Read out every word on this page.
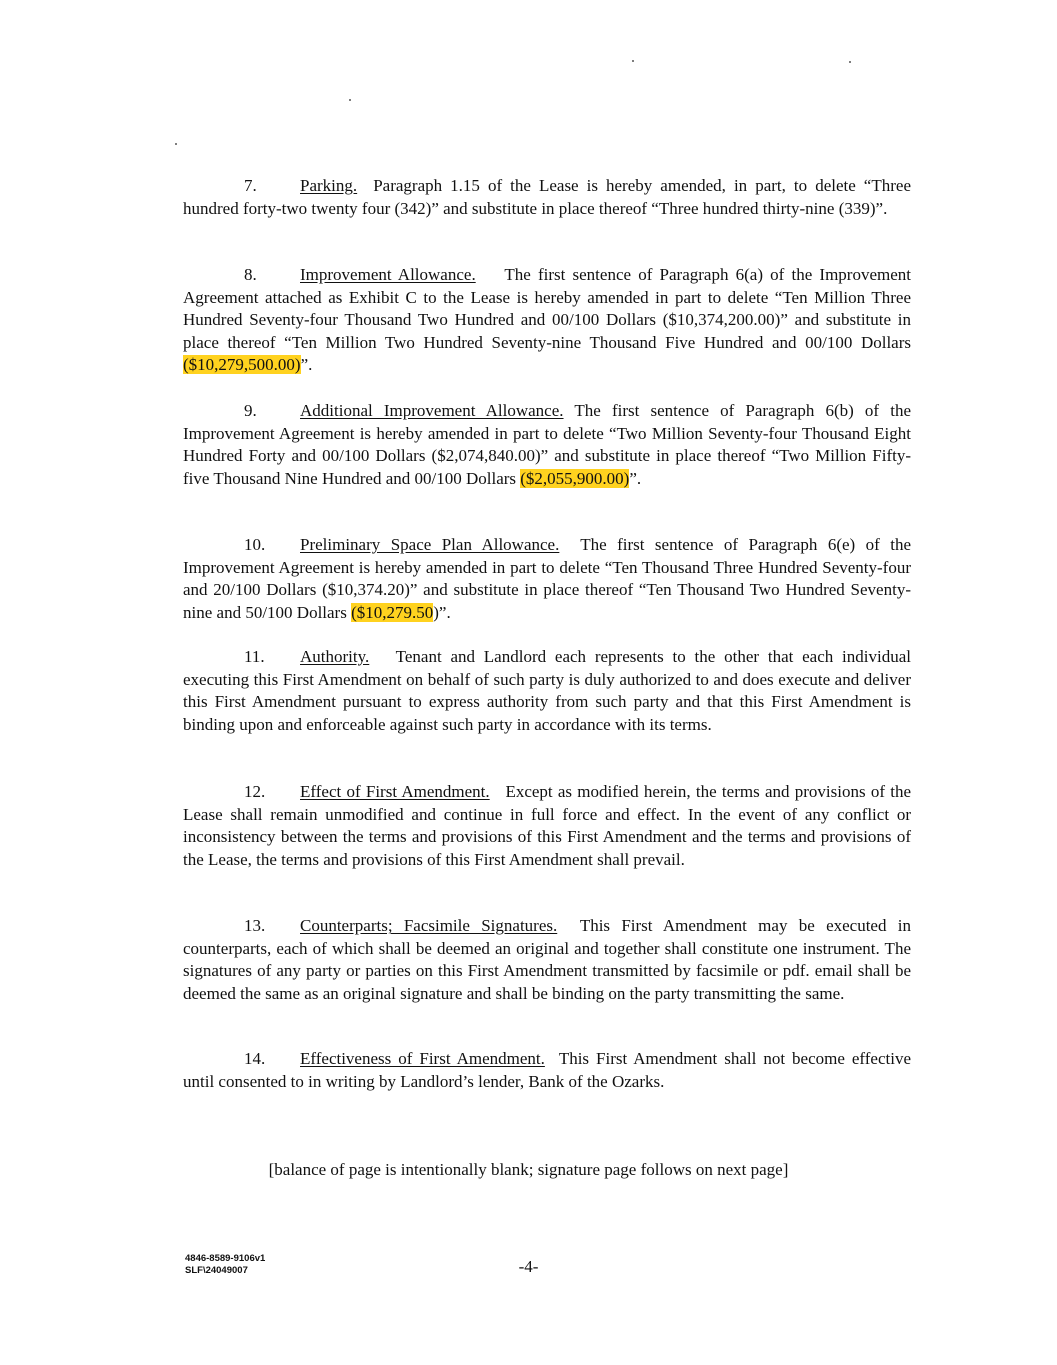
7.	Parking. Paragraph 1.15 of the Lease is hereby amended, in part, to delete “Three hundred forty-two twenty four (342)” and substitute in place thereof “Three hundred thirty-nine (339)”.

8.	Improvement Allowance. The first sentence of Paragraph 6(a) of the Improvement Agreement attached as Exhibit C to the Lease is hereby amended in part to delete “Ten Million Three Hundred Seventy-four Thousand Two Hundred and 00/100 Dollars ($10,374,200.00)” and substitute in place thereof “Ten Million Two Hundred Seventy-nine Thousand Five Hundred and 00/100 Dollars ($10,279,500.00)”.

9.	Additional Improvement Allowance. The first sentence of Paragraph 6(b) of the Improvement Agreement is hereby amended in part to delete “Two Million Seventy-four Thousand Eight Hundred Forty and 00/100 Dollars ($2,074,840.00)” and substitute in place thereof “Two Million Fifty-five Thousand Nine Hundred and 00/100 Dollars ($2,055,900.00)”.

10. Preliminary Space Plan Allowance. The first sentence of Paragraph 6(e) of the Improvement Agreement is hereby amended in part to delete “Ten Thousand Three Hundred Seventy-four and 20/100 Dollars ($10,374.20)” and substitute in place thereof “Ten Thousand Two Hundred Seventy-nine and 50/100 Dollars ($10,279.50)”.

11. Authority. Tenant and Landlord each represents to the other that each individual executing this First Amendment on behalf of such party is duly authorized to and does execute and deliver this First Amendment pursuant to express authority from such party and that this First Amendment is binding upon and enforceable against such party in accordance with its terms.

12. Effect of First Amendment. Except as modified herein, the terms and provisions of the Lease shall remain unmodified and continue in full force and effect. In the event of any conflict or inconsistency between the terms and provisions of this First Amendment and the terms and provisions of the Lease, the terms and provisions of this First Amendment shall prevail.

13. Counterparts; Facsimile Signatures. This First Amendment may be executed in counterparts, each of which shall be deemed an original and together shall constitute one instrument. The signatures of any party or parties on this First Amendment transmitted by facsimile or pdf. email shall be deemed the same as an original signature and shall be binding on the party transmitting the same.

14. Effectiveness of First Amendment. This First Amendment shall not become effective until consented to in writing by Landlord’s lender, Bank of the Ozarks.

[balance of page is intentionally blank; signature page follows on next page]
4846-8589-9106v1
SLF\24049007	-4-
